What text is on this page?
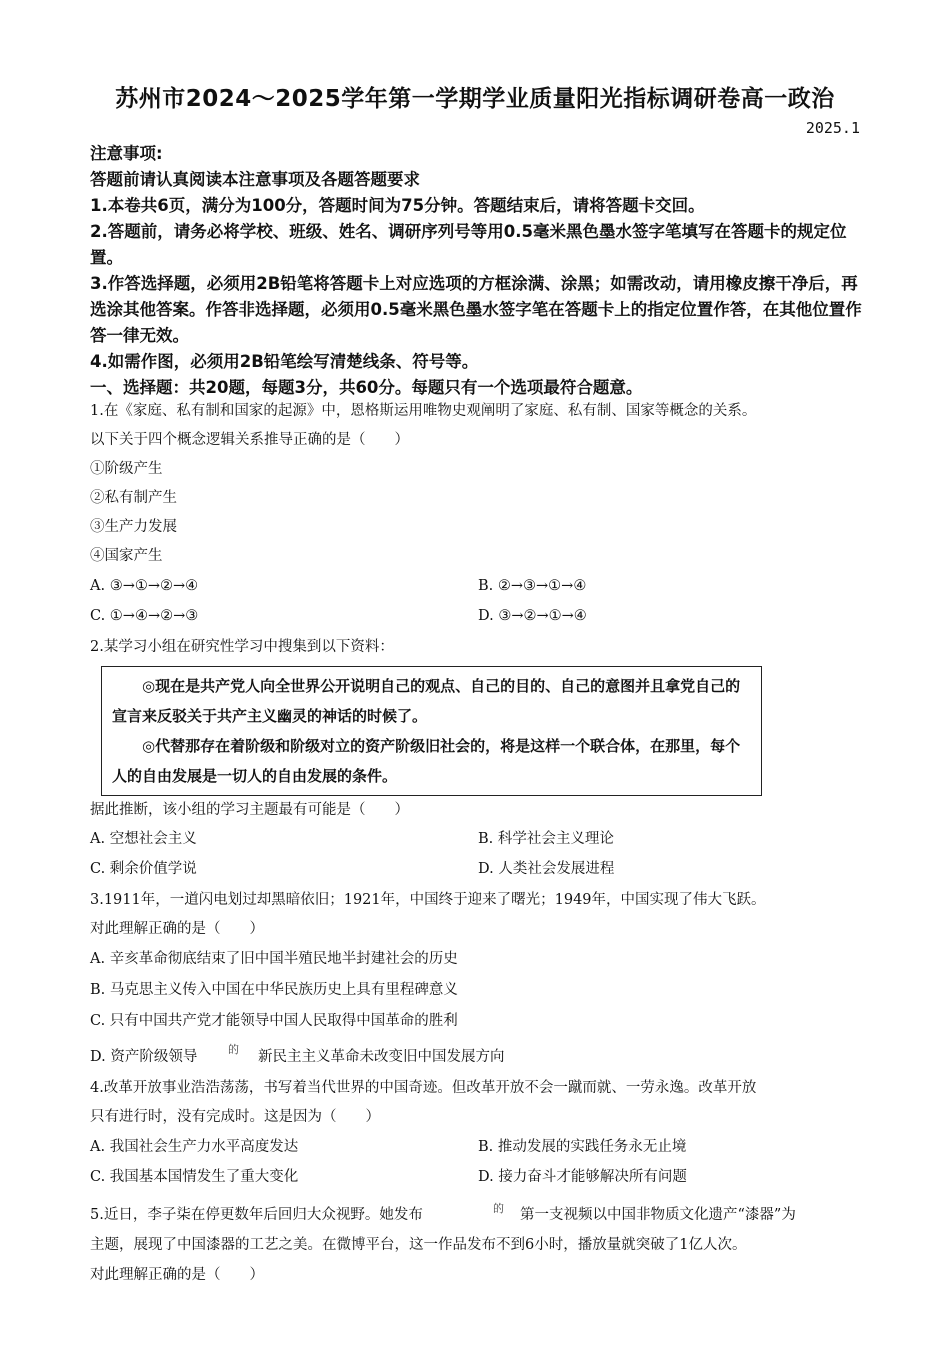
苏州市2024～2025学年第一学期学业质量阳光指标调研卷高一政治
2025.1
注意事项:
答题前请认真阅读本注意事项及各题答题要求
1.本卷共6页，满分为100分，答题时间为75分钟。答题结束后，请将答题卡交回。
2.答题前，请务必将学校、班级、姓名、调研序列号等用0.5毫米黑色墨水签字笔填写在答题卡的规定位置。
3.作答选择题，必须用2B铅笔将答题卡上对应选项的方框涂满、涂黑；如需改动，请用橡皮擦干净后，再选涂其他答案。作答非选择题，必须用0.5毫米黑色墨水签字笔在答题卡上的指定位置作答，在其他位置作答一律无效。
4.如需作图，必须用2B铅笔绘写清楚线条、符号等。
一、选择题：共20题，每题3分，共60分。每题只有一个选项最符合题意。
1.在《家庭、私有制和国家的起源》中，恩格斯运用唯物史观阐明了家庭、私有制、国家等概念的关系。
以下关于四个概念逻辑关系推导正确的是（　　）
①阶级产生
②私有制产生
③生产力发展
④国家产生
A. ③→①→②→④	B. ②→③→①→④
C. ①→④→②→③	D. ③→②→①→④
2.某学习小组在研究性学习中搜集到以下资料：

◎现在是共产党人向全世界公开说明自己的观点、自己的目的、自己的意图并且拿党自己的宣言来反驳关于共产主义幽灵的神话的时候了。

◎代替那存在着阶级和阶级对立的资产阶级旧社会的，将是这样一个联合体，在那里，每个人的自由发展是一切人的自由发展的条件。

据此推断，该小组的学习主题最有可能是（　　）
A. 空想社会主义	B. 科学社会主义理论
C. 剩余价值学说	D. 人类社会发展进程
3.1911年，一道闪电划过却黑暗依旧；1921年，中国终于迎来了曙光；1949年，中国实现了伟大飞跃。
对此理解正确的是（　　）
A. 辛亥革命彻底结束了旧中国半殖民地半封建社会的历史
B. 马克思主义传入中国在中华民族历史上具有里程碑意义
C. 只有中国共产党才能领导中国人民取得中国革命的胜利
D. 资产阶级领导	的 新民主主义革命未改变旧中国发展方向
4.改革开放事业浩浩荡荡，书写着当代世界的中国奇迹。但改革开放不会一蹴而就、一劳永逸。改革开放
只有进行时，没有完成时。这是因为（　　）
A. 我国社会生产力水平高度发达	B. 推动发展的实践任务永无止境
C. 我国基本国情发生了重大变化	D. 接力奋斗才能够解决所有问题
5.近日，李子柒在停更数年后回归大众视野。她发布	的 第一支视频以中国非物质文化遗产“漆器”为
主题，展现了中国漆器的工艺之美。在微博平台，这一作品发布不到6小时，播放量就突破了1亿人次。
对此理解正确的是（　　）
